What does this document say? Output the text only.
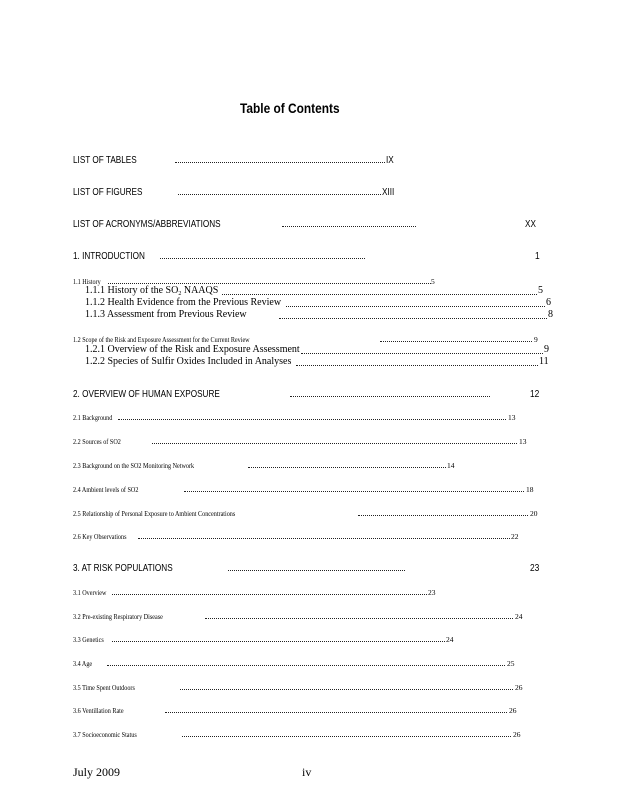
Table of Contents
LIST OF TABLES	IX
LIST OF FIGURES	XIII
LIST OF ACRONYMS/ABBREVIATIONS	XX
1. INTRODUCTION	1
1.1 History	5
1.1.1 History of the $SO_2$ NAAQS	5
1.1.2 Health Evidence from the Previous Review	6
1.1.3 Assessment from Previous Review	8
1.2 Scope of the Risk and Exposure Assessment for the Current Review	9
1.2.1 Overview of the Risk and Exposure Assessment	9
1.2.2 Species of Sulfir Oxides Included in Analyses	11
2. OVERVIEW OF HUMAN EXPOSURE	12
2.1 Background	13
2.2 Sources of SO2	13
2.3 Background on the SO2 Monitoring Network	14
2.4 Ambient levels of SO2	18
2.5 Relationship of Personal Exposure to Ambient Concentrations	20
2.6 Key Observations	22
3. AT RISK POPULATIONS	23
3.1 Overview	23
3.2 Pre-existing Respiratory Disease	24
3.3 Genetics	24
3.4 Age	25
3.5 Time Spent Outdoors	26
3.6 Ventillation Rate	26
3.7 Socioeconomic Status	26
July 2009	iv
